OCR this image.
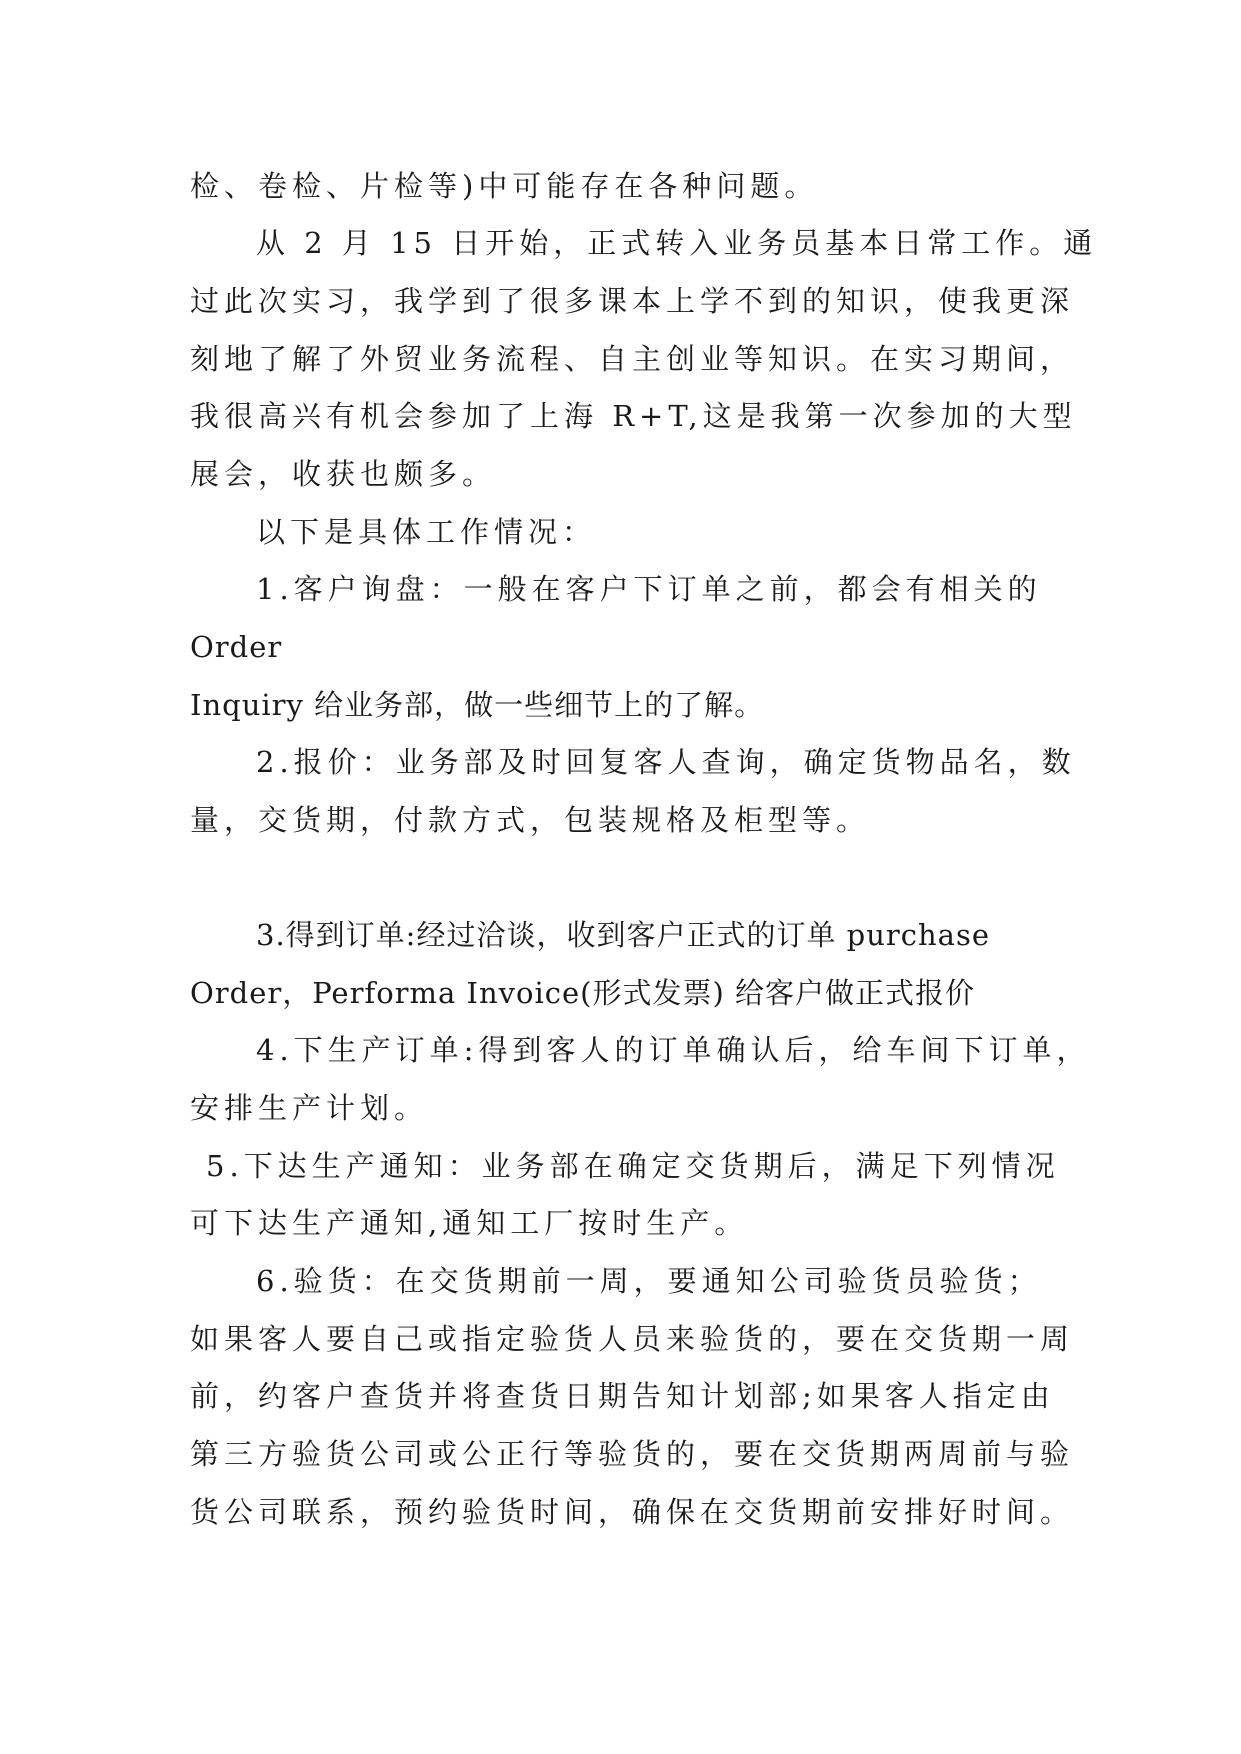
检、卷检、片检等)中可能存在各种问题。
从 2 月 15 日开始，正式转入业务员基本日常工作。通
过此次实习，我学到了很多课本上学不到的知识，使我更深
刻地了解了外贸业务流程、自主创业等知识。在实习期间，
我很高兴有机会参加了上海 R+T,这是我第一次参加的大型
展会，收获也颇多。
以下是具体工作情况：
1.客户询盘：一般在客户下订单之前，都会有相关的
Order
Inquiry 给业务部，做一些细节上的了解。
2.报价：业务部及时回复客人查询，确定货物品名，数
量，交货期，付款方式，包装规格及柜型等。
3.得到订单:经过洽谈，收到客户正式的订单 purchase
Order，Performa Invoice(形式发票) 给客户做正式报价
4.下生产订单:得到客人的订单确认后，给车间下订单，
安排生产计划。
5.下达生产通知：业务部在确定交货期后，满足下列情况
可下达生产通知,通知工厂按时生产。
6.验货：在交货期前一周，要通知公司验货员验货；
如果客人要自己或指定验货人员来验货的，要在交货期一周
前，约客户查货并将查货日期告知计划部;如果客人指定由
第三方验货公司或公正行等验货的，要在交货期两周前与验
货公司联系，预约验货时间，确保在交货期前安排好时间。
